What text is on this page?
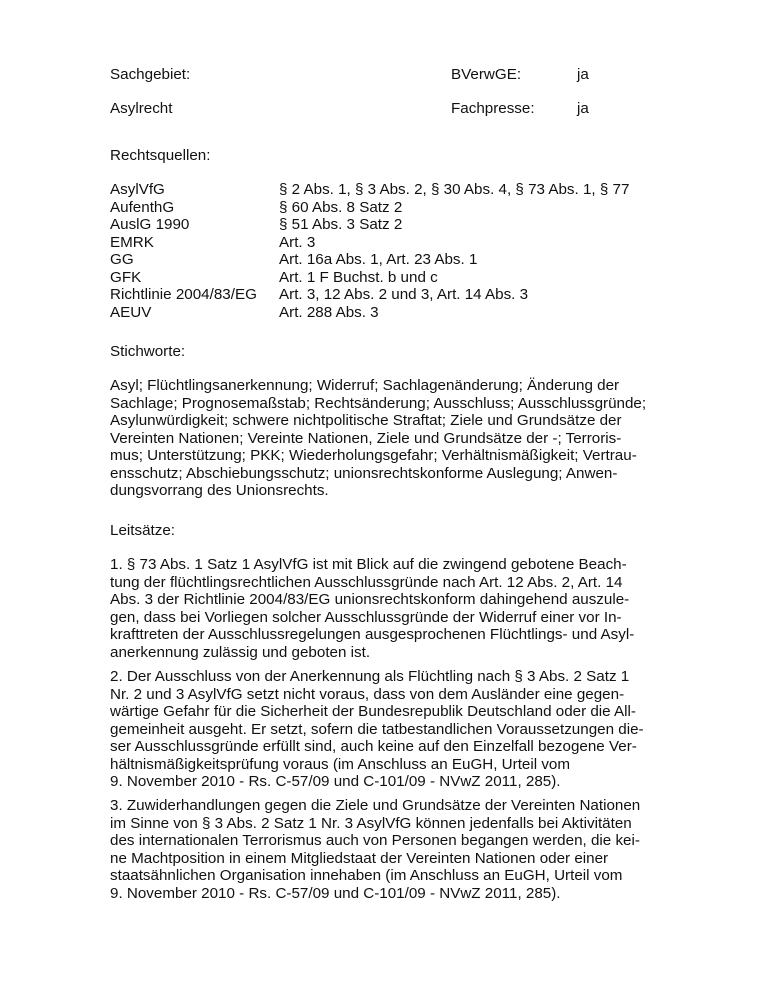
Sachgebiet:	BVerwGE:	ja
Asylrecht	Fachpresse:	ja
Rechtsquellen:
AsylVfG	§ 2 Abs. 1, § 3 Abs. 2, § 30 Abs. 4, § 73 Abs. 1, § 77
AufenthG	§ 60 Abs. 8 Satz 2
AuslG 1990	§ 51 Abs. 3 Satz 2
EMRK	Art. 3
GG	Art. 16a Abs. 1, Art. 23 Abs. 1
GFK	Art. 1 F Buchst. b und c
Richtlinie 2004/83/EG Art. 3, 12 Abs. 2 und 3, Art. 14 Abs. 3
AEUV	Art. 288 Abs. 3
Stichworte:
Asyl; Flüchtlingsanerkennung; Widerruf; Sachlagenänderung; Änderung der
Sachlage; Prognosemaßstab; Rechtsänderung; Ausschluss; Ausschlussgründe;
Asylunwürdigkeit; schwere nichtpolitische Straftat; Ziele und Grundsätze der
Vereinten Nationen; Vereinte Nationen, Ziele und Grundsätze der -; Terroris-
mus; Unterstützung; PKK; Wiederholungsgefahr; Verhältnismäßigkeit; Vertrau-
ensschutz; Abschiebungsschutz; unionsrechtskonforme Auslegung; Anwen-
dungsvorrang des Unionsrechts.
Leitsätze:
1. § 73 Abs. 1 Satz 1 AsylVfG ist mit Blick auf die zwingend gebotene Beach-
tung der flüchtlingsrechtlichen Ausschlussgründe nach Art. 12 Abs. 2, Art. 14
Abs. 3 der Richtlinie 2004/83/EG unionsrechtskonform dahingehend auszule-
gen, dass bei Vorliegen solcher Ausschlussgründe der Widerruf einer vor In-
krafttreten der Ausschlussregelungen ausgesprochenen Flüchtlings- und Asyl-
anerkennung zulässig und geboten ist.
2. Der Ausschluss von der Anerkennung als Flüchtling nach § 3 Abs. 2 Satz 1
Nr. 2 und 3 AsylVfG setzt nicht voraus, dass von dem Ausländer eine gegen-
wärtige Gefahr für die Sicherheit der Bundesrepublik Deutschland oder die All-
gemeinheit ausgeht. Er setzt, sofern die tatbestandlichen Voraussetzungen die-
ser Ausschlussgründe erfüllt sind, auch keine auf den Einzelfall bezogene Ver-
hältnismäßigkeitsprüfung voraus (im Anschluss an EuGH, Urteil vom
9. November 2010 - Rs. C-57/09 und C-101/09 - NVwZ 2011, 285).
3. Zuwiderhandlungen gegen die Ziele und Grundsätze der Vereinten Nationen
im Sinne von § 3 Abs. 2 Satz 1 Nr. 3 AsylVfG können jedenfalls bei Aktivitäten
des internationalen Terrorismus auch von Personen begangen werden, die kei-
ne Machtposition in einem Mitgliedstaat der Vereinten Nationen oder einer
staatsähnlichen Organisation innehaben (im Anschluss an EuGH, Urteil vom
9. November 2010 - Rs. C-57/09 und C-101/09 - NVwZ 2011, 285).
